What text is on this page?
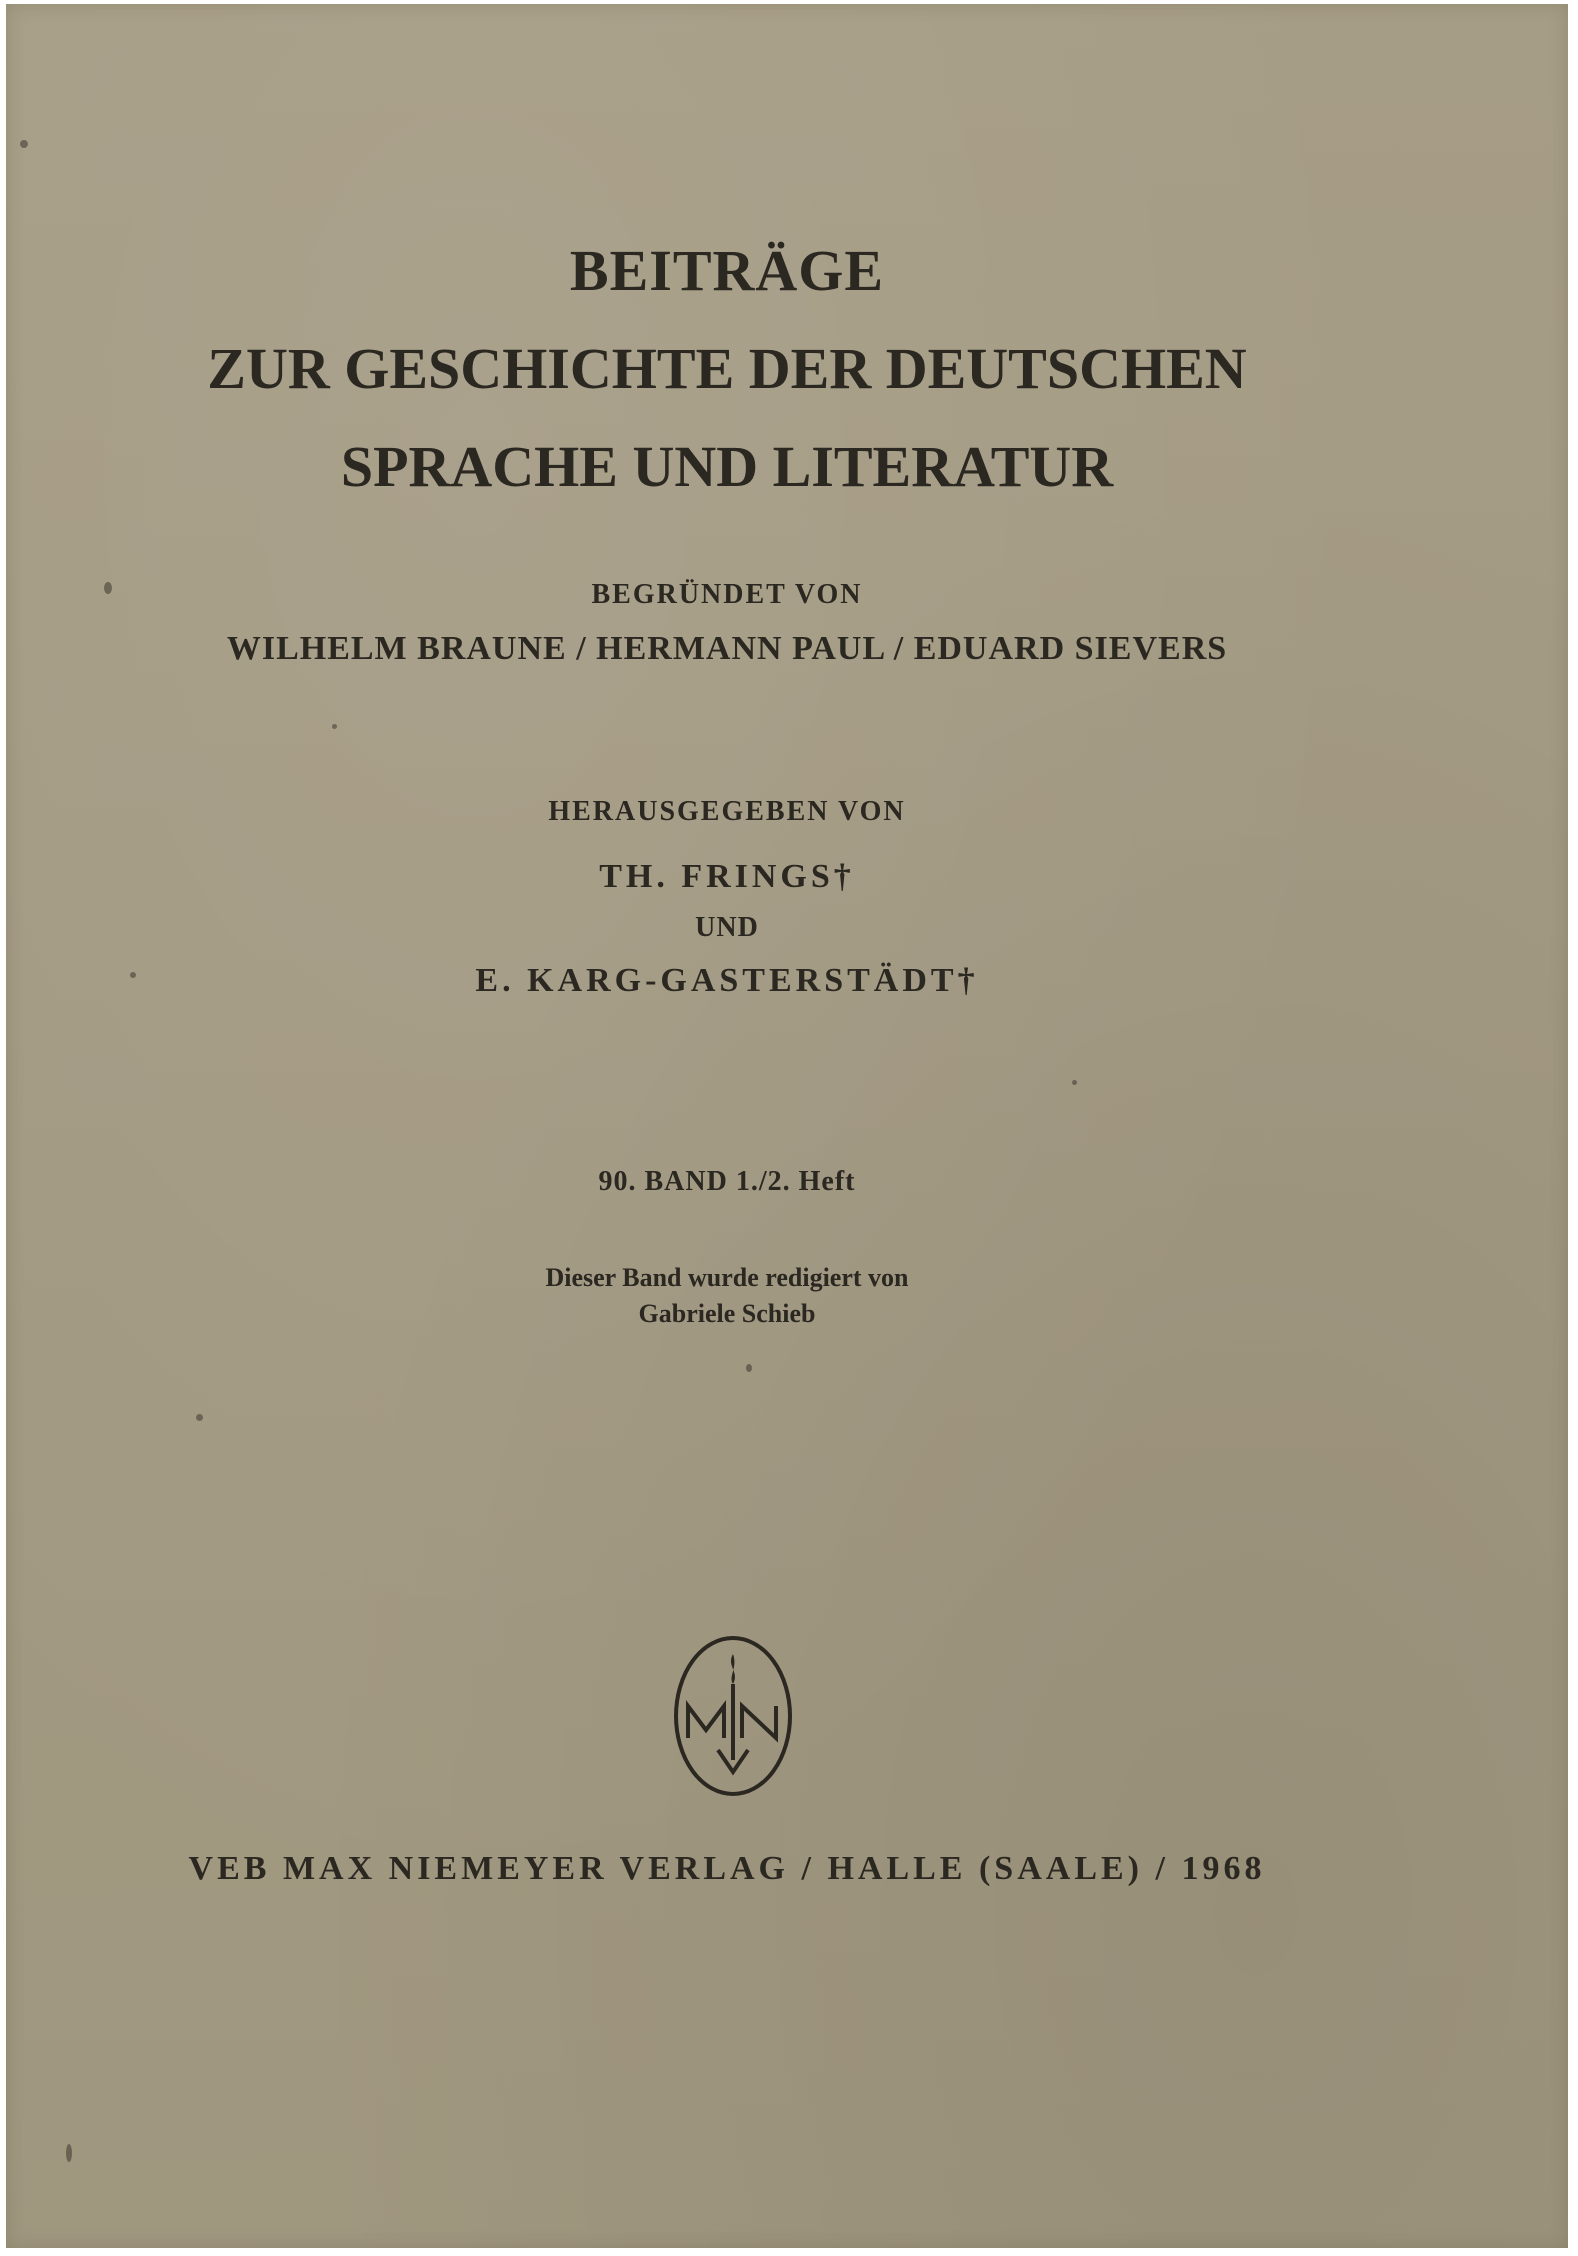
BEITRÄGE
ZUR GESCHICHTE DER DEUTSCHEN
SPRACHE UND LITERATUR
BEGRÜNDET VON
WILHELM BRAUNE / HERMANN PAUL / EDUARD SIEVERS
HERAUSGEGEBEN VON
TH. FRINGS†
UND
E. KARG-GASTERSTÄDT†
90. BAND 1./2. Heft
Dieser Band wurde redigiert von
Gabriele Schieb
VEB MAX NIEMEYER VERLAG / HALLE (SAALE) / 1968
